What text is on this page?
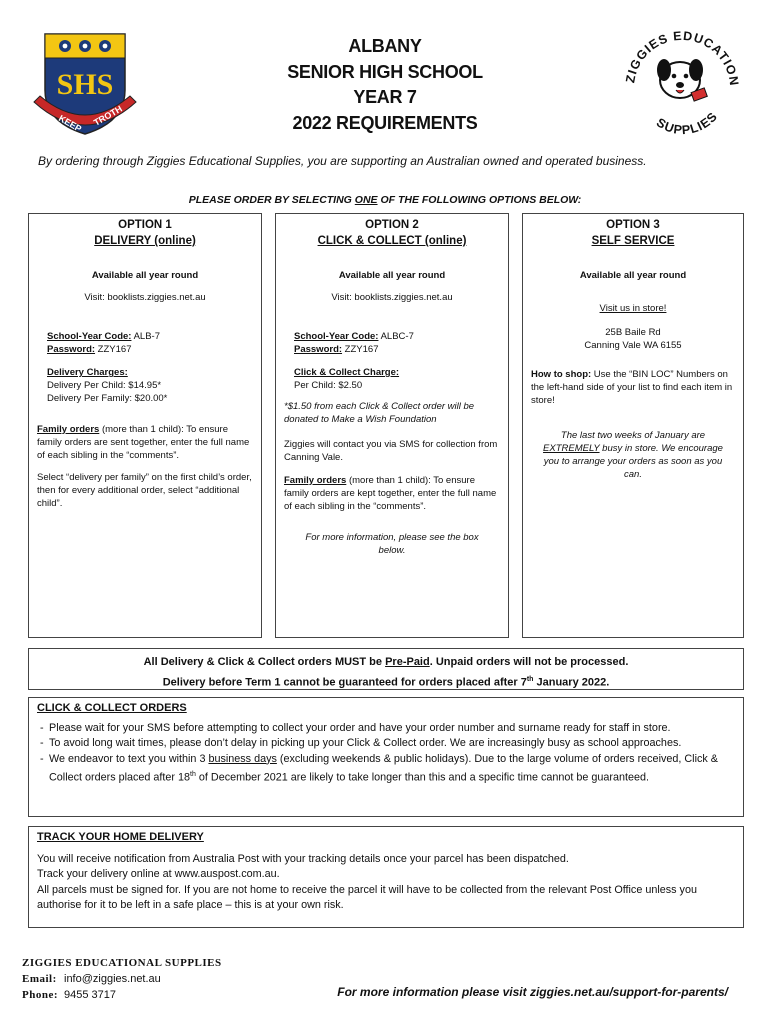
SHS
KEEP TROTH
ALBANY
SENIOR HIGH SCHOOL
YEAR 7
2022 REQUIREMENTS
ZIGGIES EDUCATION
SUPPLIES
By ordering through Ziggies Educational Supplies, you are supporting an Australian owned and operated business.
PLEASE ORDER BY SELECTING ONE OF THE FOLLOWING OPTIONS BELOW:
OPTION 1
DELIVERY (online)
Available all year round
Visit: booklists.ziggies.net.au
School-Year Code: ALB-7
Password: ZZY167
Delivery Charges:
Delivery Per Child: $14.95*
Delivery Per Family: $20.00*
Family orders (more than 1 child): To ensure family orders are sent together, enter the full name of each sibling in the “comments”.
Select “delivery per family” on the first child’s order, then for every additional order, select “additional child”.
OPTION 2
CLICK & COLLECT (online)
Available all year round
Visit: booklists.ziggies.net.au
School-Year Code: ALBC-7
Password: ZZY167
Click & Collect Charge:
Per Child: $2.50
*$1.50 from each Click & Collect order will be donated to Make a Wish Foundation
Ziggies will contact you via SMS for collection from Canning Vale.
Family orders (more than 1 child): To ensure family orders are kept together, enter the full name of each sibling in the “comments”.
For more information, please see the box below.
OPTION 3
SELF SERVICE
Available all year round
Visit us in store!
25B Baile Rd
Canning Vale WA 6155
How to shop: Use the “BIN LOC” Numbers on the left-hand side of your list to find each item in store!
The last two weeks of January are EXTREMELY busy in store. We encourage you to arrange your orders as soon as you can.
All Delivery & Click & Collect orders MUST be Pre-Paid. Unpaid orders will not be processed.
Delivery before Term 1 cannot be guaranteed for orders placed after 7th January 2022.
CLICK & COLLECT ORDERS
- Please wait for your SMS before attempting to collect your order and have your order number and surname ready for staff in store.
- To avoid long wait times, please don’t delay in picking up your Click & Collect order. We are increasingly busy as school approaches.
- We endeavor to text you within 3 business days (excluding weekends & public holidays). Due to the large volume of orders received, Click & Collect orders placed after 18th of December 2021 are likely to take longer than this and a specific time cannot be guaranteed.
TRACK YOUR HOME DELIVERY
You will receive notification from Australia Post with your tracking details once your parcel has been dispatched.
Track your delivery online at www.auspost.com.au.
All parcels must be signed for. If you are not home to receive the parcel it will have to be collected from the relevant Post Office unless you authorise for it to be left in a safe place – this is at your own risk.
ZIGGIES EDUCATIONAL SUPPLIES
Email: info@ziggies.net.au
Phone: 9455 3717	For more information please visit ziggies.net.au/support-for-parents/
